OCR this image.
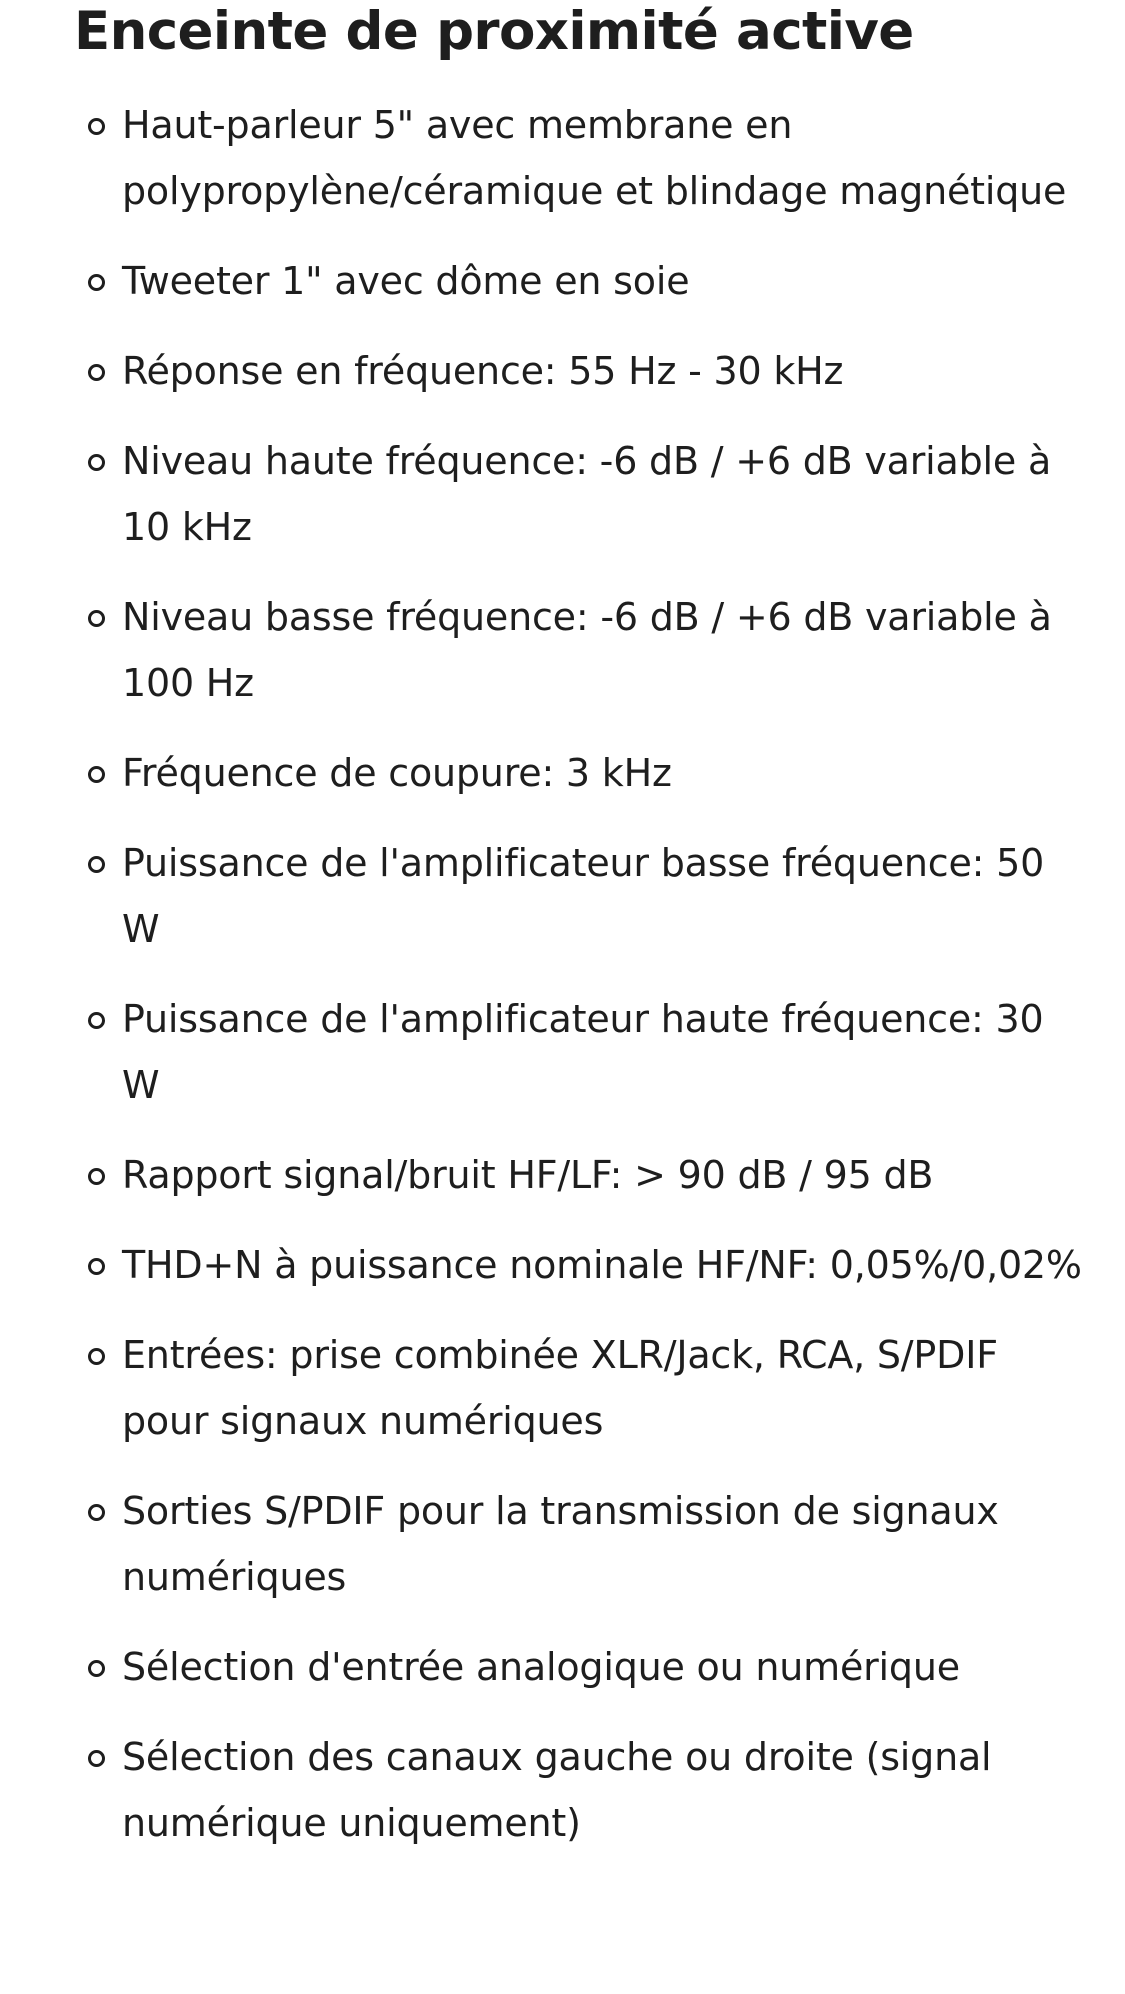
Enceinte de proximité active
Haut-parleur 5" avec membrane en polypropylène/céramique et blindage magnétique
Tweeter 1" avec dôme en soie
Réponse en fréquence: 55 Hz - 30 kHz
Niveau haute fréquence: -6 dB / +6 dB variable à 10 kHz
Niveau basse fréquence: -6 dB / +6 dB variable à 100 Hz
Fréquence de coupure: 3 kHz
Puissance de l'amplificateur basse fréquence: 50 W
Puissance de l'amplificateur haute fréquence: 30 W
Rapport signal/bruit HF/LF: > 90 dB / 95 dB
THD+N à puissance nominale HF/NF: 0,05%/0,02%
Entrées: prise combinée XLR/Jack, RCA, S/PDIF pour signaux numériques
Sorties S/PDIF pour la transmission de signaux numériques
Sélection d'entrée analogique ou numérique
Sélection des canaux gauche ou droite (signal numérique uniquement)
